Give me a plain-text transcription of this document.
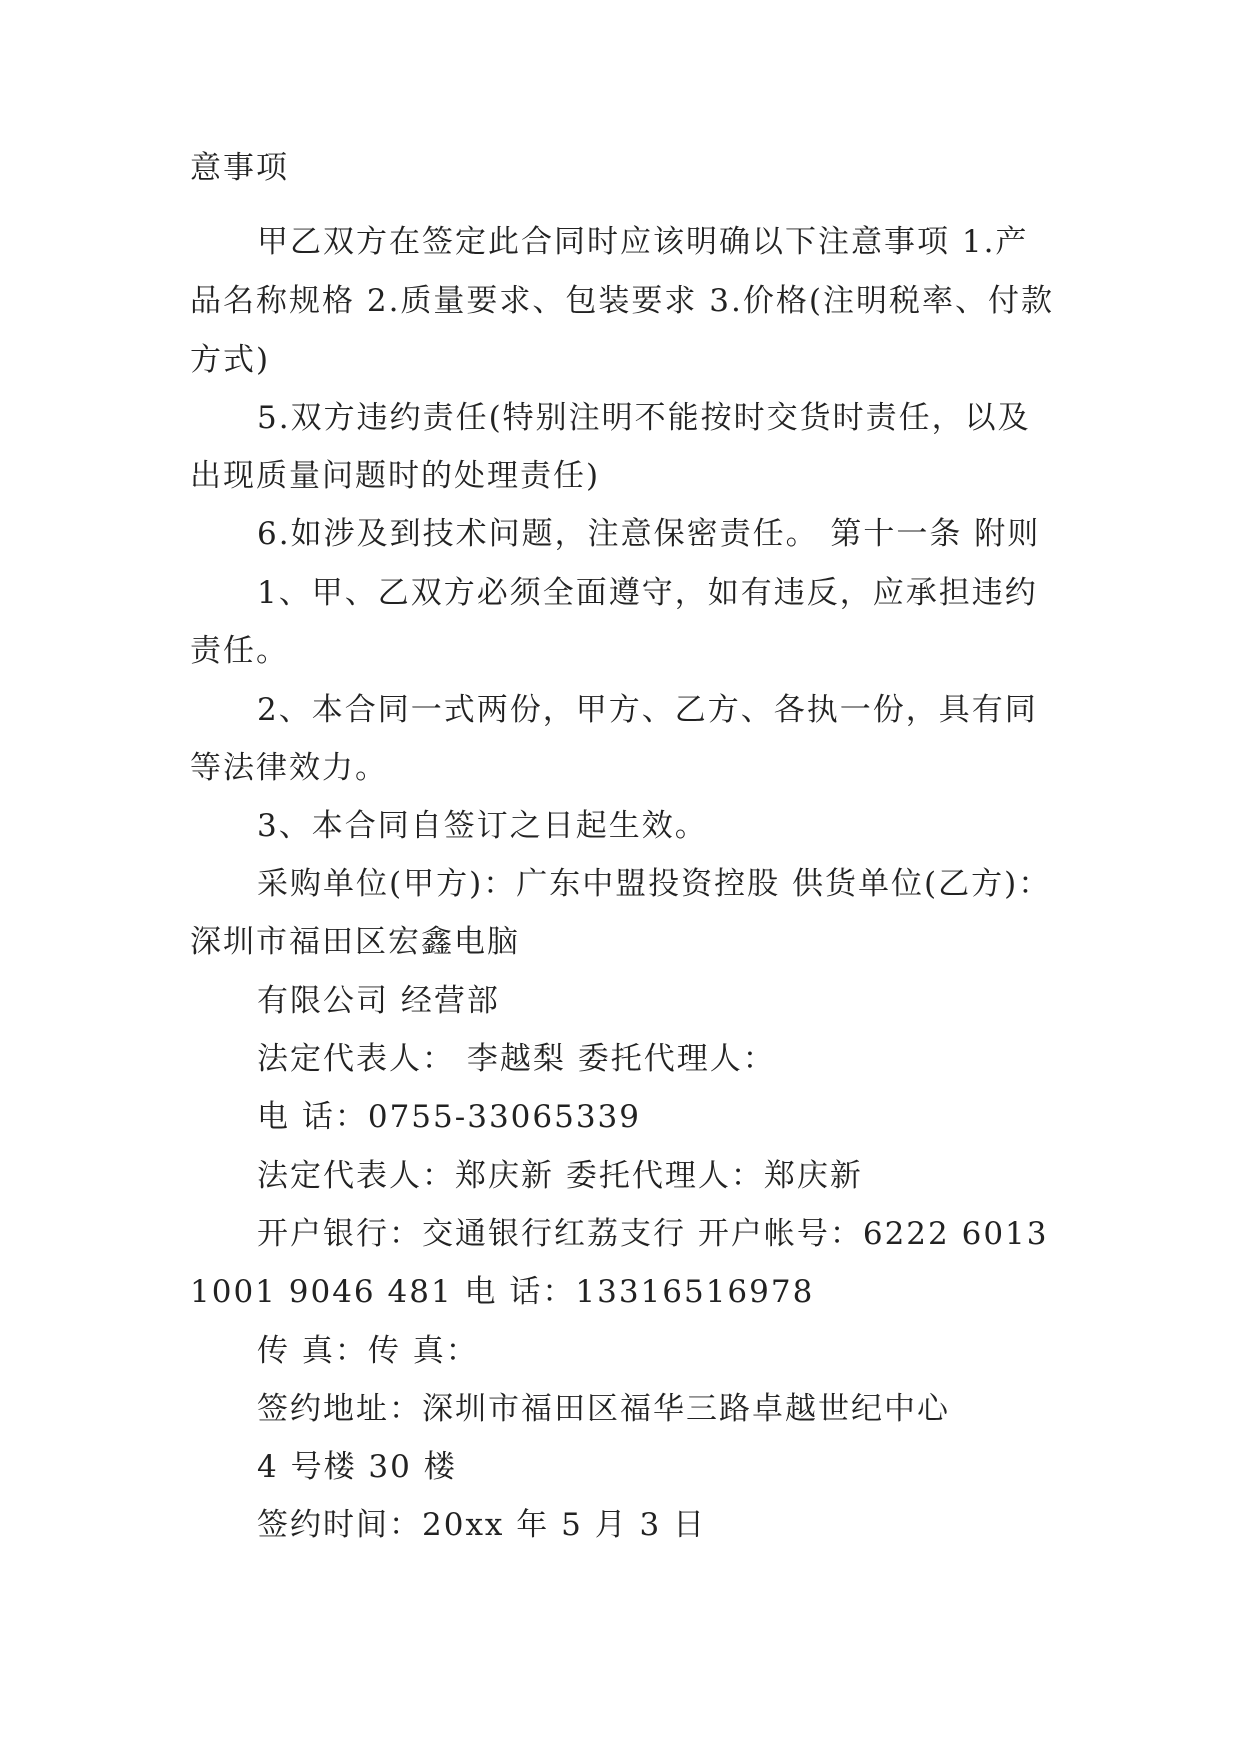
意事项
甲乙双方在签定此合同时应该明确以下注意事项 1.产
品名称规格 2.质量要求、包装要求 3.价格(注明税率、付款
方式)
5.双方违约责任(特别注明不能按时交货时责任，以及
出现质量问题时的处理责任)
6.如涉及到技术问题，注意保密责任。 第十一条 附则
1、甲、乙双方必须全面遵守，如有违反，应承担违约
责任。
2、本合同一式两份，甲方、乙方、各执一份，具有同
等法律效力。
3、本合同自签订之日起生效。
采购单位(甲方)：广东中盟投资控股 供货单位(乙方)：
深圳市福田区宏鑫电脑
有限公司 经营部
法定代表人： 李越梨 委托代理人：
电 话：0755-33065339
法定代表人：郑庆新 委托代理人：郑庆新
开户银行：交通银行红荔支行 开户帐号：6222 6013
1001 9046 481 电 话：13316516978
传 真：传 真：
签约地址：深圳市福田区福华三路卓越世纪中心
4 号楼 30 楼
签约时间：20xx 年 5 月 3 日
